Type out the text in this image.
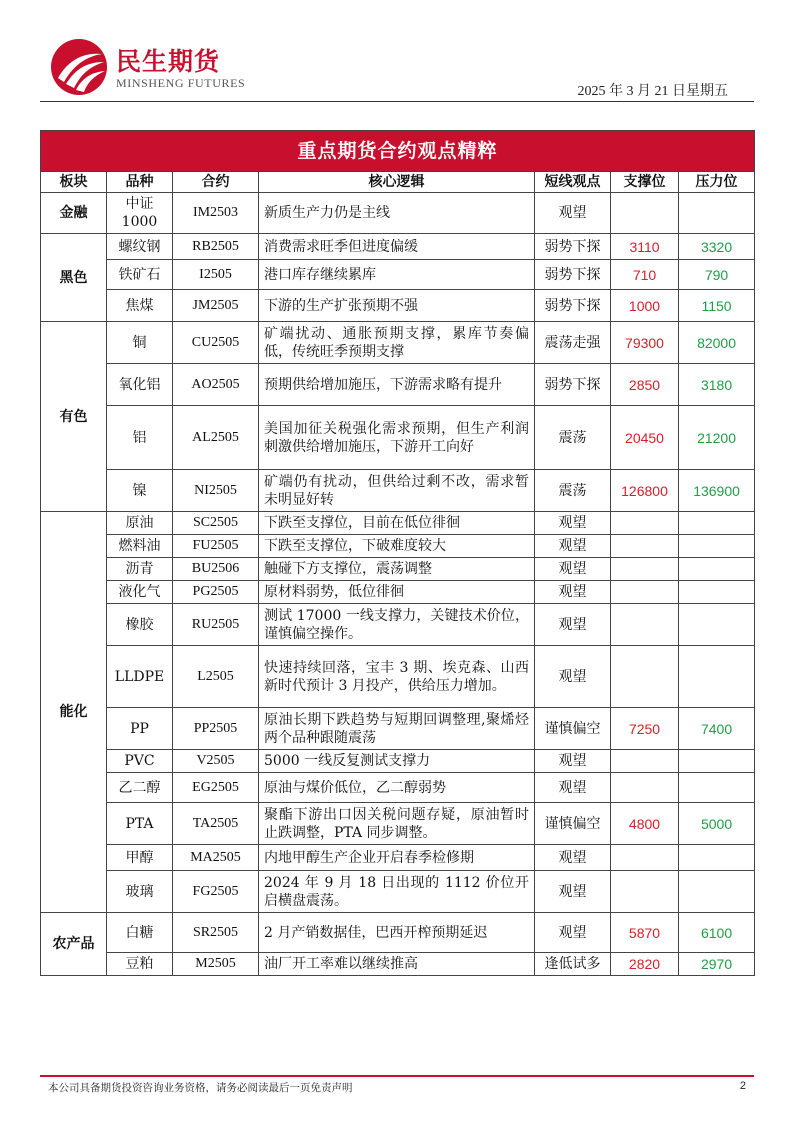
民生期货
MINSHENG FUTURES
2025 年 3 月 21 日星期五
重点期货合约观点精粹						
板块	品种	合约	核心逻辑	短线观点	支撑位	压力位
金融	中证1000	IM2503	新质生产力仍是主线	观望		
黑色	螺纹钢	RB2505	消费需求旺季但进度偏缓	弱势下探	3110	3320
	铁矿石	I2505	港口库存继续累库	弱势下探	710	790
	焦煤	JM2505	下游的生产扩张预期不强	弱势下探	1000	1150
有色	铜	CU2505	矿端扰动、通胀预期支撑，累库节奏偏低，传统旺季预期支撑	震荡走强	79300	82000
	氧化铝	AO2505	预期供给增加施压，下游需求略有提升	弱势下探	2850	3180
	铝	AL2505	美国加征关税强化需求预期，但生产利润刺激供给增加施压，下游开工向好	震荡	20450	21200
	镍	NI2505	矿端仍有扰动，但供给过剩不改，需求暂未明显好转	震荡	126800	136900
能化	原油	SC2505	下跌至支撑位，目前在低位徘徊	观望		
	燃料油	FU2505	下跌至支撑位，下破难度较大	观望		
	沥青	BU2506	触碰下方支撑位，震荡调整	观望		
	液化气	PG2505	原材料弱势，低位徘徊	观望		
	橡胶	RU2505	测试 17000 一线支撑力，关键技术价位，谨慎偏空操作。	观望		
	LLDPE	L2505	快速持续回落，宝丰 3 期、埃克森、山西新时代预计 3 月投产，供给压力增加。	观望		
	PP	PP2505	原油长期下跌趋势与短期回调整理,聚烯烃两个品种跟随震荡	谨慎偏空	7250	7400
	PVC	V2505	5000 一线反复测试支撑力	观望		
	乙二醇	EG2505	原油与煤价低位，乙二醇弱势	观望		
	PTA	TA2505	聚酯下游出口因关税问题存疑，原油暂时止跌调整，PTA 同步调整。	谨慎偏空	4800	5000
	甲醇	MA2505	内地甲醇生产企业开启春季检修期	观望		
	玻璃	FG2505	2024 年 9 月 18 日出现的 1112 价位开启横盘震荡。	观望		
农产品	白糖	SR2505	2 月产销数据佳，巴西开榨预期延迟	观望	5870	6100
	豆粕	M2505	油厂开工率难以继续推高	逢低试多	2820	2970
本公司具备期货投资咨询业务资格，请务必阅读最后一页免责声明	2
